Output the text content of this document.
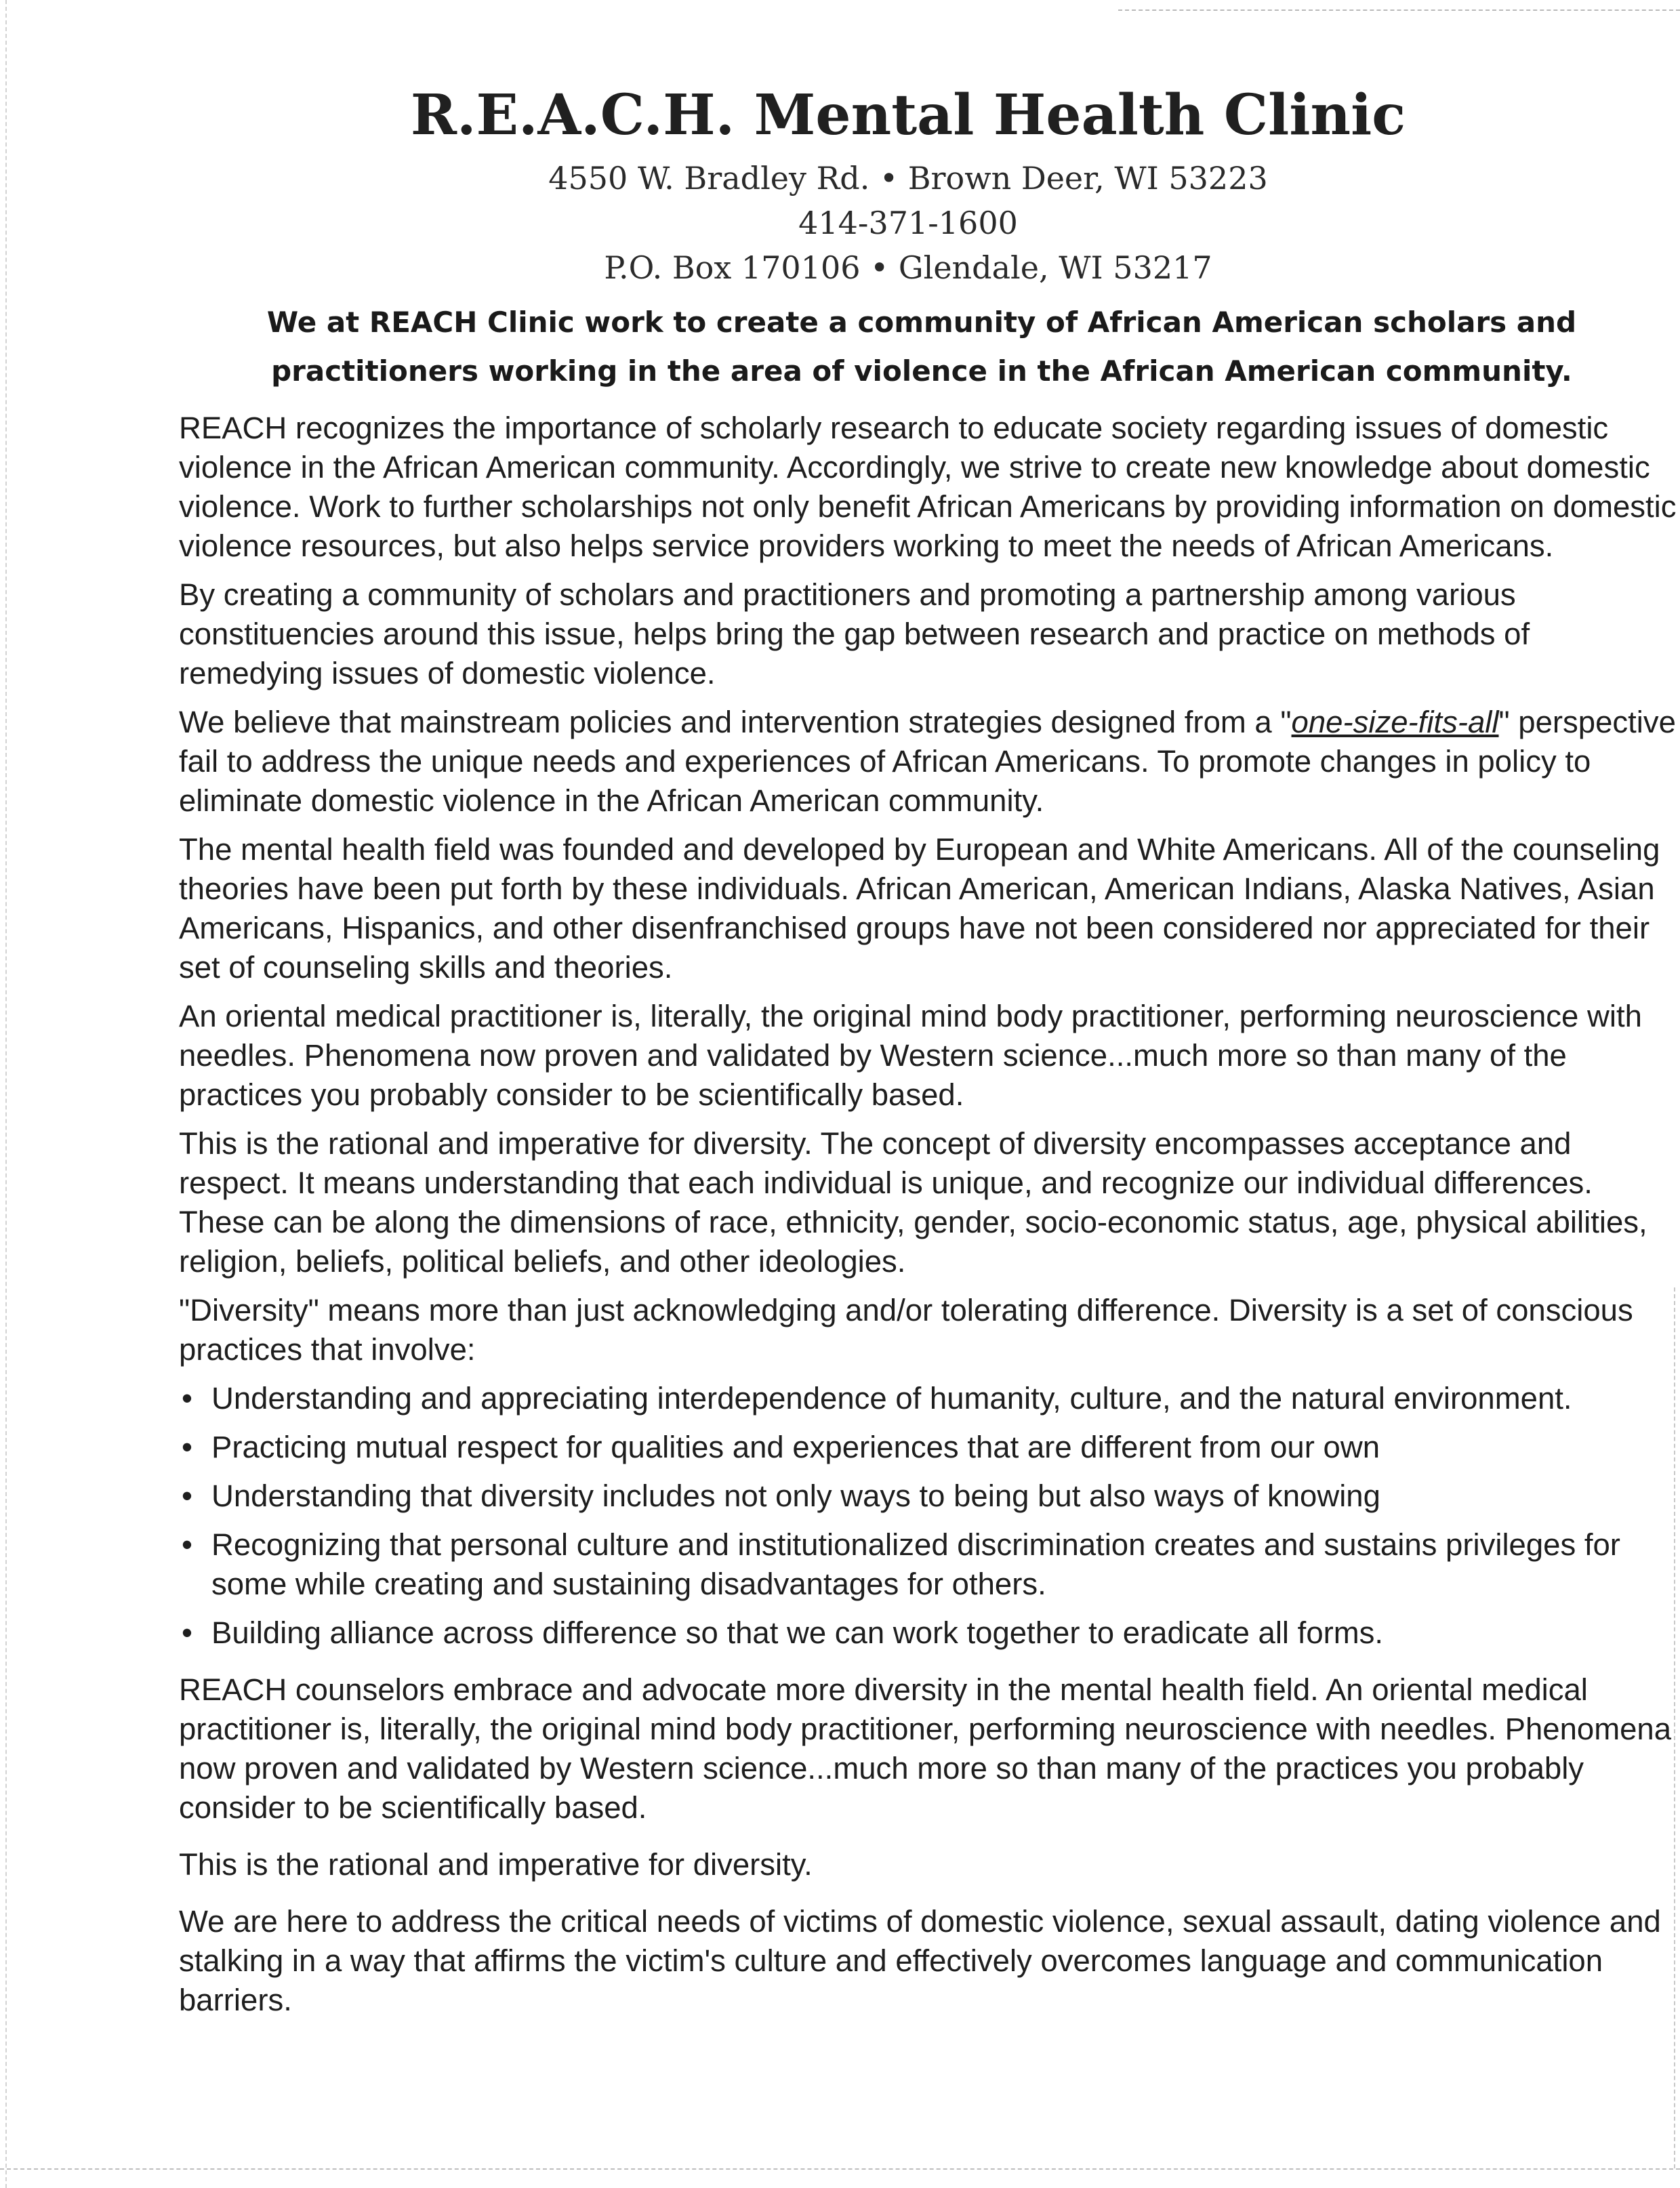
R.E.A.C.H. Mental Health Clinic

4550 W. Bradley Rd. • Brown Deer, WI 53223

414-371-1600

P.O. Box 170106 • Glendale, WI 53217

We at REACH Clinic work to create a community of African American scholars and practitioners working in the area of violence in the African American community.

REACH recognizes the importance of scholarly research to educate society regarding issues of domestic violence in the African American community. Accordingly, we strive to create new knowledge about domestic violence. Work to further scholarships not only benefit African Americans by providing information on domestic violence resources, but also helps service providers working to meet the needs of African Americans.

By creating a community of scholars and practitioners and promoting a partnership among various constituencies around this issue, helps bring the gap between research and practice on methods of remedying issues of domestic violence.

We believe that mainstream policies and intervention strategies designed from a "one-size-fits-all" perspective fail to address the unique needs and experiences of African Americans. To promote changes in policy to eliminate domestic violence in the African American community.

The mental health field was founded and developed by European and White Americans. All of the counseling theories have been put forth by these individuals. African American, American Indians, Alaska Natives, Asian Americans, Hispanics, and other disenfranchised groups have not been considered nor appreciated for their set of counseling skills and theories.

An oriental medical practitioner is, literally, the original mind body practitioner, performing neuroscience with needles. Phenomena now proven and validated by Western science...much more so than many of the practices you probably consider to be scientifically based.

This is the rational and imperative for diversity. The concept of diversity encompasses acceptance and respect. It means understanding that each individual is unique, and recognize our individual differences. These can be along the dimensions of race, ethnicity, gender, socio-economic status, age, physical abilities, religion, beliefs, political beliefs, and other ideologies.

"Diversity" means more than just acknowledging and/or tolerating difference. Diversity is a set of conscious practices that involve:

• Understanding and appreciating interdependence of humanity, culture, and the natural environment.
• Practicing mutual respect for qualities and experiences that are different from our own
• Understanding that diversity includes not only ways to being but also ways of knowing
• Recognizing that personal culture and institutionalized discrimination creates and sustains privileges for some while creating and sustaining disadvantages for others.
• Building alliance across difference so that we can work together to eradicate all forms.

REACH counselors embrace and advocate more diversity in the mental health field. An oriental medical practitioner is, literally, the original mind body practitioner, performing neuroscience with needles. Phenomena now proven and validated by Western science...much more so than many of the practices you probably consider to be scientifically based.

This is the rational and imperative for diversity.

We are here to address the critical needs of victims of domestic violence, sexual assault, dating violence and stalking in a way that affirms the victim's culture and effectively overcomes language and communication barriers.
